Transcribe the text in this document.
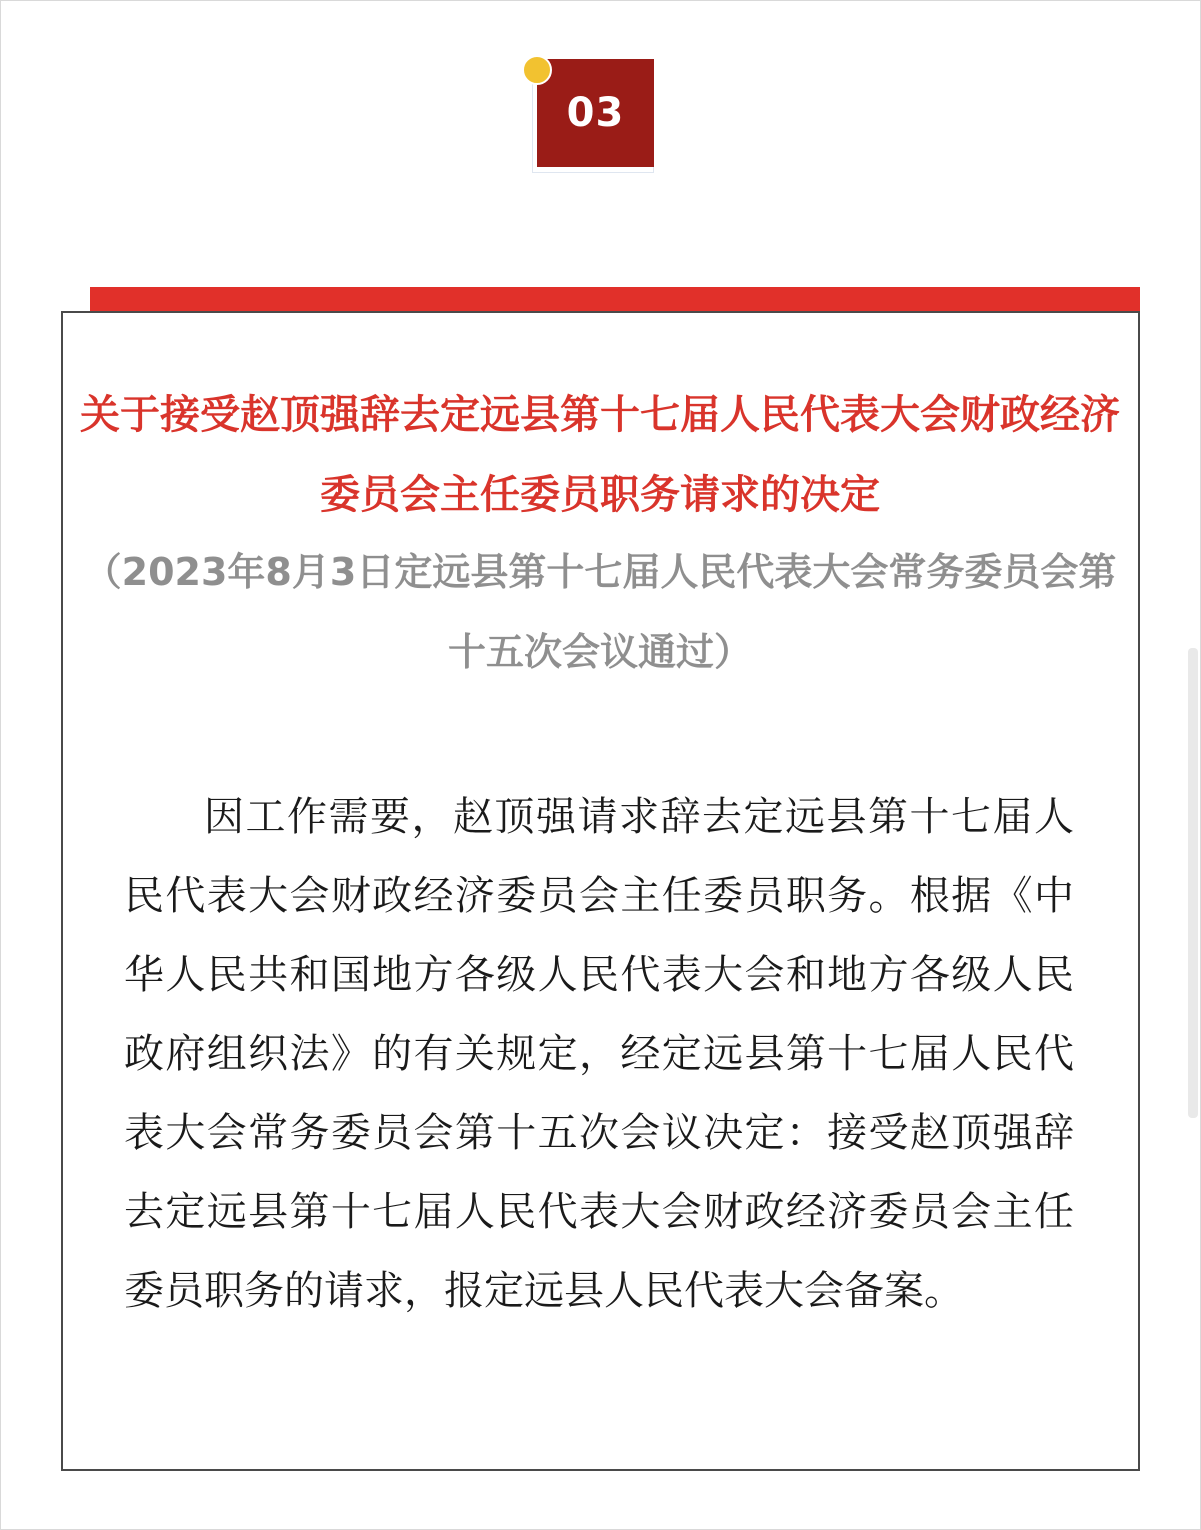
03
关于接受赵顶强辞去定远县第十七届人民代表大会财政经济委员会主任委员职务请求的决定
（2023年8月3日定远县第十七届人民代表大会常务委员会第十五次会议通过）

因工作需要，赵顶强请求辞去定远县第十七届人民代表大会财政经济委员会主任委员职务。根据《中华人民共和国地方各级人民代表大会和地方各级人民政府组织法》的有关规定，经定远县第十七届人民代表大会常务委员会第十五次会议决定：接受赵顶强辞去定远县第十七届人民代表大会财政经济委员会主任委员职务的请求，报定远县人民代表大会备案。
